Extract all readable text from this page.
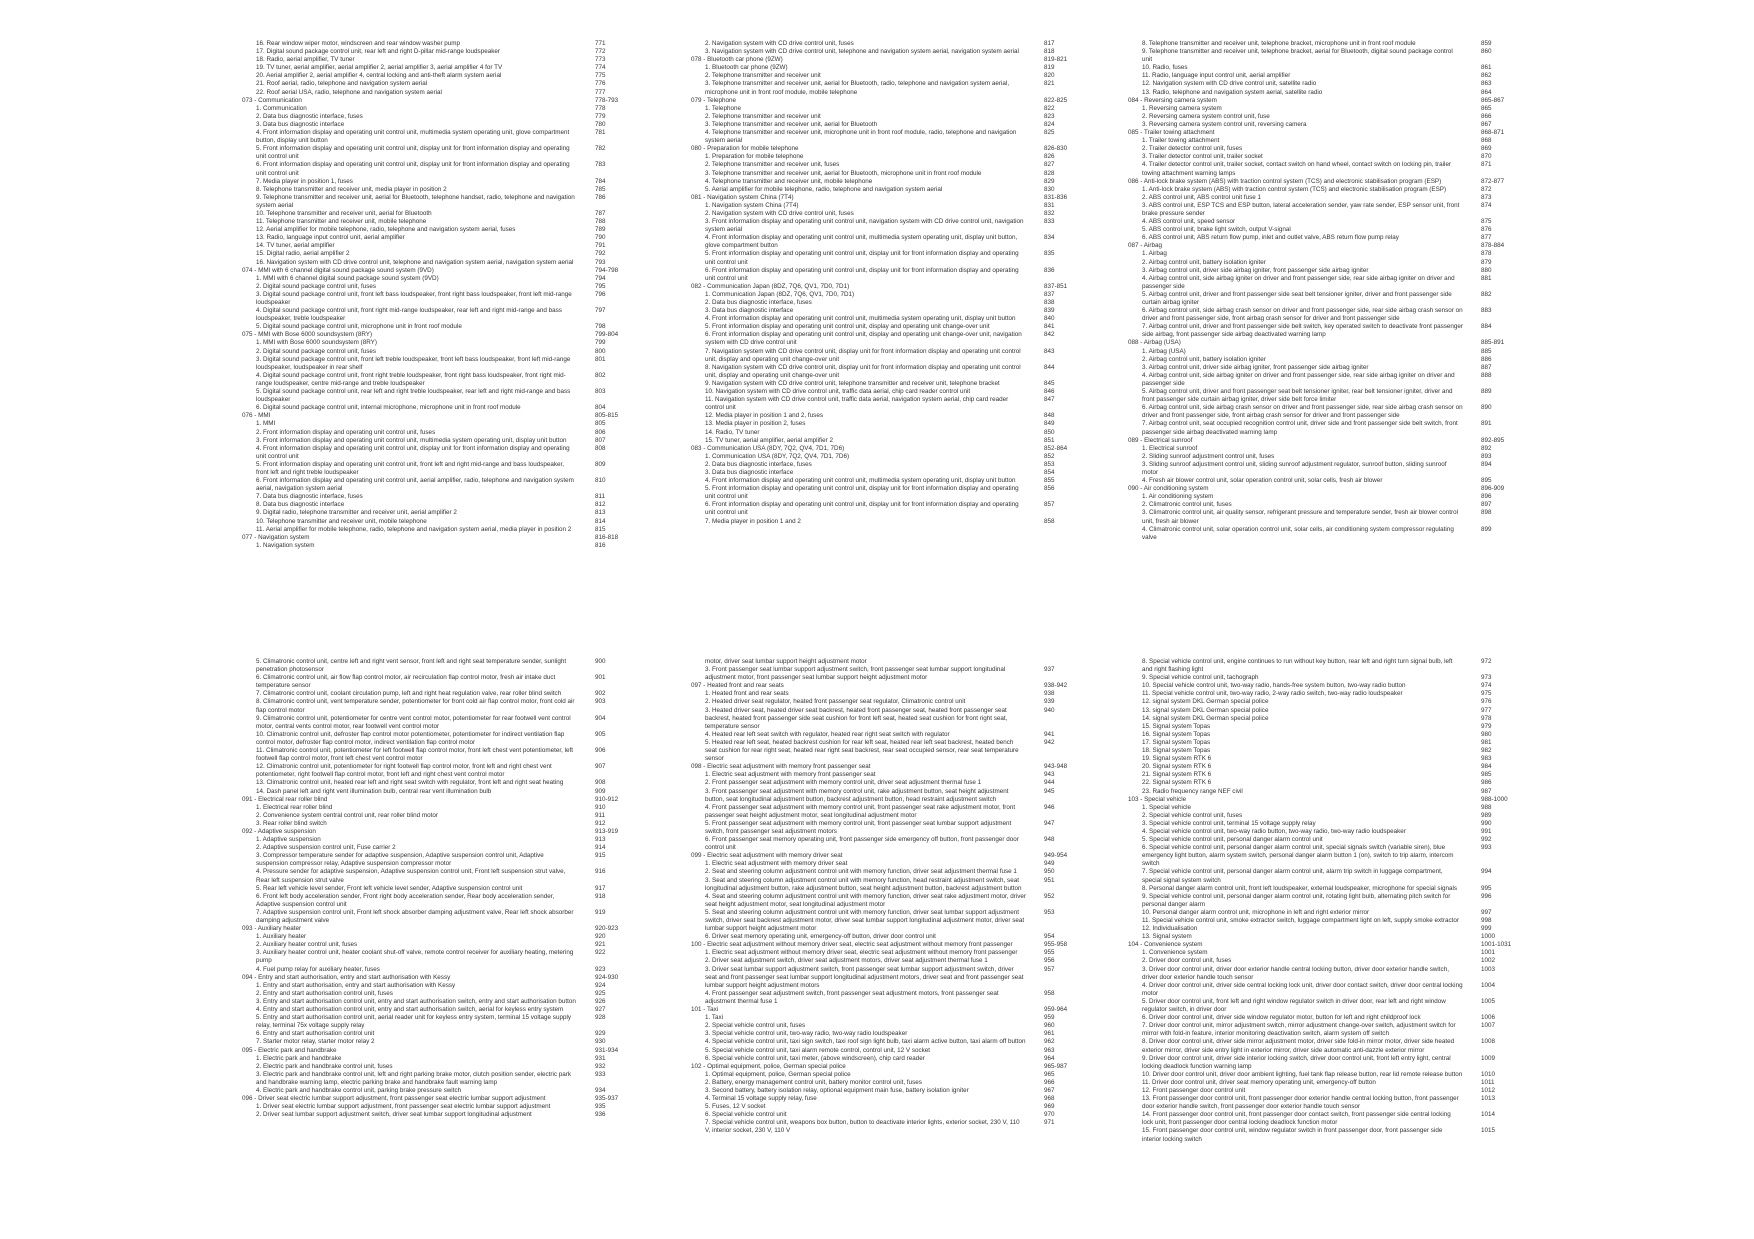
16. Rear window wiper motor, windscreen and rear window washer pump	771
17. Digital sound package control unit, rear left and right D-pillar mid-range loudspeaker	772
18. Radio, aerial amplifier, TV tuner	773
19. TV tuner, aerial amplifier, aerial amplifier 2, aerial amplifier 3, aerial amplifier 4 for TV	774
20. Aerial amplifier 2, aerial amplifier 4, central locking and anti-theft alarm system aerial	775
21. Roof aerial, radio, telephone and navigation system aerial	776
22. Roof aerial USA, radio, telephone and navigation system aerial	777
073 - Communication	778-793
1. Communication	778
2. Data bus diagnostic interface, fuses	779
3. Data bus diagnostic interface	780
4. Front information display and operating unit control unit, multimedia system operating unit, glove compartment button, display unit button
781
5. Front information display and operating unit control unit, display unit for front information display and operating unit control unit
782
6. Front information display and operating unit control unit, display unit for front information display and operating unit control unit
783
7. Media player in position 1, fuses	784
8. Telephone transmitter and receiver unit, media player in position 2	785
9. Telephone transmitter and receiver unit, aerial for Bluetooth, telephone handset, radio, telephone and navigation system aerial
786
10. Telephone transmitter and receiver unit, aerial for Bluetooth	787
11. Telephone transmitter and receiver unit, mobile telephone	788
12. Aerial amplifier for mobile telephone, radio, telephone and navigation system aerial, fuses	789
13. Radio, language input control unit, aerial amplifier	790
14. TV tuner, aerial amplifier	791
15. Digital radio, aerial amplifier 2	792
16. Navigation system with CD drive control unit, telephone and navigation system aerial, navigation system aerial	793
074 - MMI with 6 channel digital sound package sound system (9VD)	794-798
1. MMI with 6 channel digital sound package sound system (9VD)	794
2. Digital sound package control unit, fuses	795
3. Digital sound package control unit, front left bass loudspeaker, front right bass loudspeaker, front left mid-range loudspeaker
796
4. Digital sound package control unit, front right mid-range loudspeaker, rear left and right mid-range and bass loudspeaker, treble loudspeaker
797
5. Digital sound package control unit, microphone unit in front roof module	798
075 - MMI with Bose 6000 soundsystem (8RY)	799-804
1. MMI with Bose 6000 soundsystem (8RY)	799
2. Digital sound package control unit, fuses	800
3. Digital sound package control unit, front left treble loudspeaker, front left bass loudspeaker, front left mid-range loudspeaker, loudspeaker in rear shelf
801
4. Digital sound package control unit, front right treble loudspeaker, front right bass loudspeaker, front right mid-range loudspeaker, centre mid-range and treble loudspeaker
802
5. Digital sound package control unit, rear left and right treble loudspeaker, rear left and right mid-range and bass loudspeaker
803
6. Digital sound package control unit, internal microphone, microphone unit in front roof module	804
076 - MMI	805-815
1. MMI	805
2. Front information display and operating unit control unit, fuses	806
3. Front information display and operating unit control unit, multimedia system operating unit, display unit button	807
4. Front information display and operating unit control unit, display unit for front information display and operating unit control unit
808
5. Front information display and operating unit control unit, front left and right mid-range and bass loudspeaker, front left and right treble loudspeaker
809
6. Front information display and operating unit control unit, aerial amplifier, radio, telephone and navigation system aerial, navigation system aerial
810
7. Data bus diagnostic interface, fuses	811
8. Data bus diagnostic interface	812
9. Digital radio, telephone transmitter and receiver unit, aerial amplifier 2	813
10. Telephone transmitter and receiver unit, mobile telephone	814
11. Aerial amplifier for mobile telephone, radio, telephone and navigation system aerial, media player in position 2	815
077 - Navigation system	816-818
1. Navigation system	816
2. Navigation system with CD drive control unit, fuses	817
3. Navigation system with CD drive control unit, telephone and navigation system aerial, navigation system aerial	818
078 - Bluetooth car phone (9ZW)	819-821
1. Bluetooth car phone (9ZW)	819
2. Telephone transmitter and receiver unit	820
3. Telephone transmitter and receiver unit, aerial for Bluetooth, radio, telephone and navigation system aerial, microphone unit in front roof module, mobile telephone
821
079 - Telephone	822-825
1. Telephone	822
2. Telephone transmitter and receiver unit	823
3. Telephone transmitter and receiver unit, aerial for Bluetooth	824
4. Telephone transmitter and receiver unit, microphone unit in front roof module, radio, telephone and navigation system aerial
825
080 - Preparation for mobile telephone	826-830
1. Preparation for mobile telephone	826
2. Telephone transmitter and receiver unit, fuses	827
3. Telephone transmitter and receiver unit, aerial for Bluetooth, microphone unit in front roof module	828
4. Telephone transmitter and receiver unit, mobile telephone	829
5. Aerial amplifier for mobile telephone, radio, telephone and navigation system aerial	830
081 - Navigation system China (7T4)	831-836
1. Navigation system China (7T4)	831
2. Navigation system with CD drive control unit, fuses	832
3. Front information display and operating unit control unit, navigation system with CD drive control unit, navigation system aerial
833
4. Front information display and operating unit control unit, multimedia system operating unit, display unit button, glove compartment button
834
5. Front information display and operating unit control unit, display unit for front information display and operating unit control unit
835
6. Front information display and operating unit control unit, display unit for front information display and operating unit control unit
836
082 - Communication Japan (8DZ, 7Q6, QV1, 7D0, 7D1)	837-851
1. Communication Japan (8DZ, 7Q6, QV1, 7D0, 7D1)	837
2. Data bus diagnostic interface, fuses	838
3. Data bus diagnostic interface	839
4. Front information display and operating unit control unit, multimedia system operating unit, display unit button	840
5. Front information display and operating unit control unit, display and operating unit change-over unit	841
6. Front information display and operating unit control unit, display and operating unit change-over unit, navigation system with CD drive control unit
842
7. Navigation system with CD drive control unit, display unit for front information display and operating unit control unit, display and operating unit change-over unit
843
8. Navigation system with CD drive control unit, display unit for front information display and operating unit control unit, display and operating unit change-over unit
844
9. Navigation system with CD drive control unit, telephone transmitter and receiver unit, telephone bracket	845
10. Navigation system with CD drive control unit, traffic data aerial, chip card reader control unit	846
11. Navigation system with CD drive control unit, traffic data aerial, navigation system aerial, chip card reader control unit
847
12. Media player in position 1 and 2, fuses	848
13. Media player in position 2, fuses	849
14. Radio, TV tuner	850
15. TV tuner, aerial amplifier, aerial amplifier 2	851
083 - Communication USA (8DY, 7Q2, QV4, 7D1, 7D6)	852-864
1. Communication USA (8DY, 7Q2, QV4, 7D1, 7D6)	852
2. Data bus diagnostic interface, fuses	853
3. Data bus diagnostic interface	854
4. Front information display and operating unit control unit, multimedia system operating unit, display unit button	855
5. Front information display and operating unit control unit, display unit for front information display and operating unit control unit
856
6. Front information display and operating unit control unit, display unit for front information display and operating unit control unit
857
7. Media player in position 1 and 2	858
8. Telephone transmitter and receiver unit, telephone bracket, microphone unit in front roof module	859
9. Telephone transmitter and receiver unit, telephone bracket, aerial for Bluetooth, digital sound package control unit
860
10. Radio, fuses	861
11. Radio, language input control unit, aerial amplifier	862
12. Navigation system with CD drive control unit, satellite radio	863
13. Radio, telephone and navigation system aerial, satellite radio	864
084 - Reversing camera system	865-867
1. Reversing camera system	865
2. Reversing camera system control unit, fuse	866
3. Reversing camera system control unit, reversing camera	867
085 - Trailer towing attachment	868-871
1. Trailer towing attachment	868
2. Trailer detector control unit, fuses	869
3. Trailer detector control unit, trailer socket	870
4. Trailer detector control unit, trailer socket, contact switch on hand wheel, contact switch on locking pin, trailer towing attachment warning lamps
871
086 - Anti-lock brake system (ABS) with traction control system (TCS) and electronic stabilisation program (ESP)	872-877
1. Anti-lock brake system (ABS) with traction control system (TCS) and electronic stabilisation program (ESP)	872
2. ABS control unit, ABS control unit fuse 1	873
3. ABS control unit, ESP TCS and ESP button, lateral acceleration sender, yaw rate sender, ESP sensor unit, front brake pressure sender
874
4. ABS control unit, speed sensor	875
5. ABS control unit, brake light switch, output V-signal	876
6. ABS control unit, ABS return flow pump, inlet and outlet valve, ABS return flow pump relay	877
087 - Airbag	878-884
1. Airbag	878
2. Airbag control unit, battery isolation igniter	879
3. Airbag control unit, driver side airbag igniter, front passenger side airbag igniter	880
4. Airbag control unit, side airbag igniter on driver and front passenger side, rear side airbag igniter on driver and passenger side
881
5. Airbag control unit, driver and front passenger side seat belt tensioner igniter, driver and front passenger side curtain airbag igniter
882
6. Airbag control unit, side airbag crash sensor on driver and front passenger side, rear side airbag crash sensor on driver and front passenger side, front airbag crash sensor for driver and front passenger side
883
7. Airbag control unit, driver and front passenger side belt switch, key operated switch to deactivate front passenger side airbag, front passenger side airbag deactivated warning lamp
884
088 - Airbag (USA)	885-891
1. Airbag (USA)	885
2. Airbag control unit, battery isolation igniter	886
3. Airbag control unit, driver side airbag igniter, front passenger side airbag igniter	887
4. Airbag control unit, side airbag igniter on driver and front passenger side, rear side airbag igniter on driver and passenger side
888
5. Airbag control unit, driver and front passenger seat belt tensioner igniter, rear belt tensioner igniter, driver and front passenger side curtain airbag igniter, driver side belt force limiter
889
6. Airbag control unit, side airbag crash sensor on driver and front passenger side, rear side airbag crash sensor on driver and front passenger side, front airbag crash sensor for driver and front passenger side
890
7. Airbag control unit, seat occupied recognition control unit, driver side and front passenger side belt switch, front passenger side airbag deactivated warning lamp
891
089 - Electrical sunroof	892-895
1. Electrical sunroof	892
2. Sliding sunroof adjustment control unit, fuses	893
3. Sliding sunroof adjustment control unit, sliding sunroof adjustment regulator, sunroof button, sliding sunroof motor
894
4. Fresh air blower control unit, solar operation control unit, solar cells, fresh air blower	895
090 - Air conditioning system	896-909
1. Air conditioning system	896
2. Climatronic control unit, fuses	897
3. Climatronic control unit, air quality sensor, refrigerant pressure and temperature sender, fresh air blower control unit, fresh air blower
898
4. Climatronic control unit, solar operation control unit, solar cells, air conditioning system compressor regulating valve
899
5. Climatronic control unit, centre left and right vent sensor, front left and right seat temperature sender, sunlight penetration photosensor
900
6. Climatronic control unit, air flow flap control motor, air recirculation flap control motor, fresh air intake duct temperature sensor
901
7. Climatronic control unit, coolant circulation pump, left and right heat regulation valve, rear roller blind switch	902
8. Climatronic control unit, vent temperature sender, potentiometer for front cold air flap control motor, front cold air flap control motor
903
9. Climatronic control unit, potentiometer for centre vent control motor, potentiometer for rear footwell vent control motor, central vents control motor, rear footwell vent control motor
904
10. Climatronic control unit, defroster flap control motor potentiometer, potentiometer for indirect ventilation flap control motor, defroster flap control motor, indirect ventilation flap control motor
905
11. Climatronic control unit, potentiometer for left footwell flap control motor, front left chest vent potentiometer, left footwell flap control motor, front left chest vent control motor
906
12. Climatronic control unit, potentiometer for right footwell flap control motor, front left and right chest vent potentiometer, right footwell flap control motor, front left and right chest vent control motor
907
13. Climatronic control unit, heated rear left and right seat switch with regulator, front left and right seat heating	908
14. Dash panel left and right vent illumination bulb, central rear vent illumination bulb	909
091 - Electrical rear roller blind	910-912
1. Electrical rear roller blind	910
2. Convenience system central control unit, rear roller blind motor	911
3. Rear roller blind switch	912
092 - Adaptive suspension	913-919
1. Adaptive suspension	913
2. Adaptive suspension control unit, Fuse carrier 2	914
3. Compressor temperature sender for adaptive suspension, Adaptive suspension control unit, Adaptive suspension compressor relay, Adaptive suspension compressor motor
915
4. Pressure sender for adaptive suspension, Adaptive suspension control unit, Front left suspension strut valve, Rear left suspension strut valve
916
5. Rear left vehicle level sender, Front left vehicle level sender, Adaptive suspension control unit	917
6. Front left body acceleration sender, Front right body acceleration sender, Rear body acceleration sender, Adaptive suspension control unit
918
7. Adaptive suspension control unit, Front left shock absorber damping adjustment valve, Rear left shock absorber damping adjustment valve
919
093 - Auxiliary heater	920-923
1. Auxiliary heater	920
2. Auxiliary heater control unit, fuses	921
3. Auxiliary heater control unit, heater coolant shut-off valve, remote control receiver for auxiliary heating, metering pump
922
4. Fuel pump relay for auxiliary heater, fuses	923
094 - Entry and start authorisation, entry and start authorisation with Kessy	924-930
1. Entry and start authorisation, entry and start authorisation with Kessy	924
2. Entry and start authorisation control unit, fuses	925
3. Entry and start authorisation control unit, entry and start authorisation switch, entry and start authorisation button	926
4. Entry and start authorisation control unit, entry and start authorisation switch, aerial for keyless entry system	927
5. Entry and start authorisation control unit, aerial reader unit for keyless entry system, terminal 15 voltage supply relay, terminal 75x voltage supply relay
928
6. Entry and start authorisation control unit	929
7. Starter motor relay, starter motor relay 2	930
095 - Electric park and handbrake	931-934
1. Electric park and handbrake	931
2. Electric park and handbrake control unit, fuses	932
3. Electric park and handbrake control unit, left and right parking brake motor, clutch position sender, electric park and handbrake warning lamp, electric parking brake and handbrake fault warning lamp
933
4. Electric park and handbrake control unit, parking brake pressure switch	934
096 - Driver seat electric lumbar support adjustment, front passenger seat electric lumbar support adjustment	935-937
1. Driver seat electric lumbar support adjustment, front passenger seat electric lumbar support adjustment	935
2. Driver seat lumbar support adjustment switch, driver seat lumbar support longitudinal adjustment	936
motor, driver seat lumbar support height adjustment motor
3. Front passenger seat lumbar support adjustment switch, front passenger seat lumbar support longitudinal adjustment motor, front passenger seat lumbar support height adjustment motor
937
097 - Heated front and rear seats	938-942
1. Heated front and rear seats	938
2. Heated driver seat regulator, heated front passenger seat regulator, Climatronic control unit	939
3. Heated driver seat, heated driver seat backrest, heated front passenger seat, heated front passenger seat backrest, heated front passenger side seat cushion for front left seat, heated seat cushion for front right seat, temperature sensor
940
4. Heated rear left seat switch with regulator, heated rear right seat switch with regulator	941
5. Heated rear left seat, heated backrest cushion for rear left seat, heated rear left seat backrest, heated bench seat cushion for rear right seat, heated rear right seat backrest, rear seat occupied sensor, rear seat temperature sensor
942
098 - Electric seat adjustment with memory front passenger seat	943-948
1. Electric seat adjustment with memory front passenger seat	943
2. Front passenger seat adjustment with memory control unit, driver seat adjustment thermal fuse 1	944
3. Front passenger seat adjustment with memory control unit, rake adjustment button, seat height adjustment button, seat longitudinal adjustment button, backrest adjustment button, head restraint adjustment switch
945
4. Front passenger seat adjustment with memory control unit, front passenger seat rake adjustment motor, front passenger seat height adjustment motor, seat longitudinal adjustment motor
946
5. Front passenger seat adjustment with memory control unit, front passenger seat lumbar support adjustment switch, front passenger seat adjustment motors
947
6. Front passenger seat memory operating unit, front passenger side emergency off button, front passenger door control unit
948
099 - Electric seat adjustment with memory driver seat	949-954
1. Electric seat adjustment with memory driver seat	949
2. Seat and steering column adjustment control unit with memory function, driver seat adjustment thermal fuse 1	950
3. Seat and steering column adjustment control unit with memory function, head restraint adjustment switch, seat longitudinal adjustment button, rake adjustment button, seat height adjustment button, backrest adjustment button
951
4. Seat and steering column adjustment control unit with memory function, driver seat rake adjustment motor, driver seat height adjustment motor, seat longitudinal adjustment motor
952
5. Seat and steering column adjustment control unit with memory function, driver seat lumbar support adjustment switch, driver seat backrest adjustment motor, driver seat lumbar support longitudinal adjustment motor, driver seat lumbar support height adjustment motor
953
6. Driver seat memory operating unit, emergency-off button, driver door control unit	954
100 - Electric seat adjustment without memory driver seat, electric seat adjustment without memory front passenger	955-958
1. Electric seat adjustment without memory driver seat, electric seat adjustment without memory front passenger	955
2. Driver seat adjustment switch, driver seat adjustment motors, driver seat adjustment thermal fuse 1	956
3. Driver seat lumbar support adjustment switch, front passenger seat lumbar support adjustment switch, driver seat and front passenger seat lumbar support longitudinal adjustment motors, driver seat and front passenger seat lumbar support height adjustment motors
957
4. Front passenger seat adjustment switch, front passenger seat adjustment motors, front passenger seat adjustment thermal fuse 1
958
101 - Taxi	959-964
1. Taxi	959
2. Special vehicle control unit, fuses	960
3. Special vehicle control unit, two-way radio, two-way radio loudspeaker	961
4. Special vehicle control unit, taxi sign switch, taxi roof sign light bulb, taxi alarm active button, taxi alarm off button	962
5. Special vehicle control unit, taxi alarm remote control, control unit, 12 V socket	963
6. Special vehicle control unit, taxi meter, (above windscreen), chip card reader	964
102 - Optimal equipment, police, German special police	965-987
1. Optimal equipment, police, German special police	965
2. Battery, energy management control unit, battery monitor control unit, fuses	966
3. Second battery, battery isolation relay, optional equipment main fuse, battery isolation igniter	967
4. Terminal 15 voltage supply relay, fuse	968
5. Fuses, 12 V socket	969
6. Special vehicle control unit	970
7. Special vehicle control unit, weapons box button, button to deactivate interior lights, exterior socket, 230 V, 110 V, interior socket, 230 V, 110 V
971
8. Special vehicle control unit, engine continues to run without key button, rear left and right turn signal bulb, left and right flashing light
972
9. Special vehicle control unit, tachograph	973
10. Special vehicle control unit, two-way radio, hands-free system button, two-way radio button	974
11. Special vehicle control unit, two-way radio, 2-way radio switch, two-way radio loudspeaker	975
12. signal system DKL German special police	976
13. signal system DKL German special police	977
14. signal system DKL German special police	978
15. Signal system Topas	979
16. Signal system Topas	980
17. Signal system Topas	981
18. Signal system Topas	982
19. Signal system RTK 6	983
20. Signal system RTK 6	984
21. Signal system RTK 6	985
22. Signal system RTK 6	986
23. Radio frequency range NEF civil	987
103 - Special vehicle	988-1000
1. Special vehicle	988
2. Special vehicle control unit, fuses	989
3. Special vehicle control unit, terminal 15 voltage supply relay	990
4. Special vehicle control unit, two-way radio button, two-way radio, two-way radio loudspeaker	991
5. Special vehicle control unit, personal danger alarm control unit	992
6. Special vehicle control unit, personal danger alarm control unit, special signals switch (variable siren), blue emergency light button, alarm system switch, personal danger alarm button 1 (on), switch to trip alarm, intercom switch
993
7. Special vehicle control unit, personal danger alarm control unit, alarm trip switch in luggage compartment, special signal system switch
994
8. Personal danger alarm control unit, front left loudspeaker, external loudspeaker, microphone for special signals	995
9. Special vehicle control unit, personal danger alarm control unit, rotating light bulb, alternating pitch switch for personal danger alarm
996
10. Personal danger alarm control unit, microphone in left and right exterior mirror	997
11. Special vehicle control unit, smoke extractor switch, luggage compartment light on left, supply smoke extractor	998
12. Individualisation	999
13. Signal system	1000
104 - Convenience system	1001-1031
1. Convenience system	1001
2. Driver door control unit, fuses	1002
3. Driver door control unit, driver door exterior handle central locking button, driver door exterior handle switch, driver door exterior handle touch sensor
1003
4. Driver door control unit, driver side central locking lock unit, driver door contact switch, driver door central locking motor
1004
5. Driver door control unit, front left and right window regulator switch in driver door, rear left and right window regulator switch, in driver door
1005
6. Driver door control unit, driver side window regulator motor, button for left and right childproof lock	1006
7. Driver door control unit, mirror adjustment switch, mirror adjustment change-over switch, adjustment switch for mirror with fold-in feature, interior monitoring deactivation switch, alarm system off switch
1007
8. Driver door control unit, driver side mirror adjustment motor, driver side fold-in mirror motor, driver side heated exterior mirror, driver side entry light in exterior mirror, driver side automatic anti-dazzle exterior mirror
1008
9. Driver door control unit, driver side interior locking switch, driver door control unit, front left entry light, central locking deadlock function warning lamp
1009
10. Driver door control unit, driver door ambient lighting, fuel tank flap release button, rear lid remote release button	1010
11. Driver door control unit, driver seat memory operating unit, emergency-off button	1011
12. Front passenger door control unit	1012
13. Front passenger door control unit, front passenger door exterior handle central locking button, front passenger door exterior handle switch, front passenger door exterior handle touch sensor
1013
14. Front passenger door control unit, front passenger door contact switch, front passenger side central locking lock unit, front passenger door central locking deadlock function motor
1014
15. Front passenger door control unit, window regulator switch in front passenger door, front passenger side interior locking switch
1015
